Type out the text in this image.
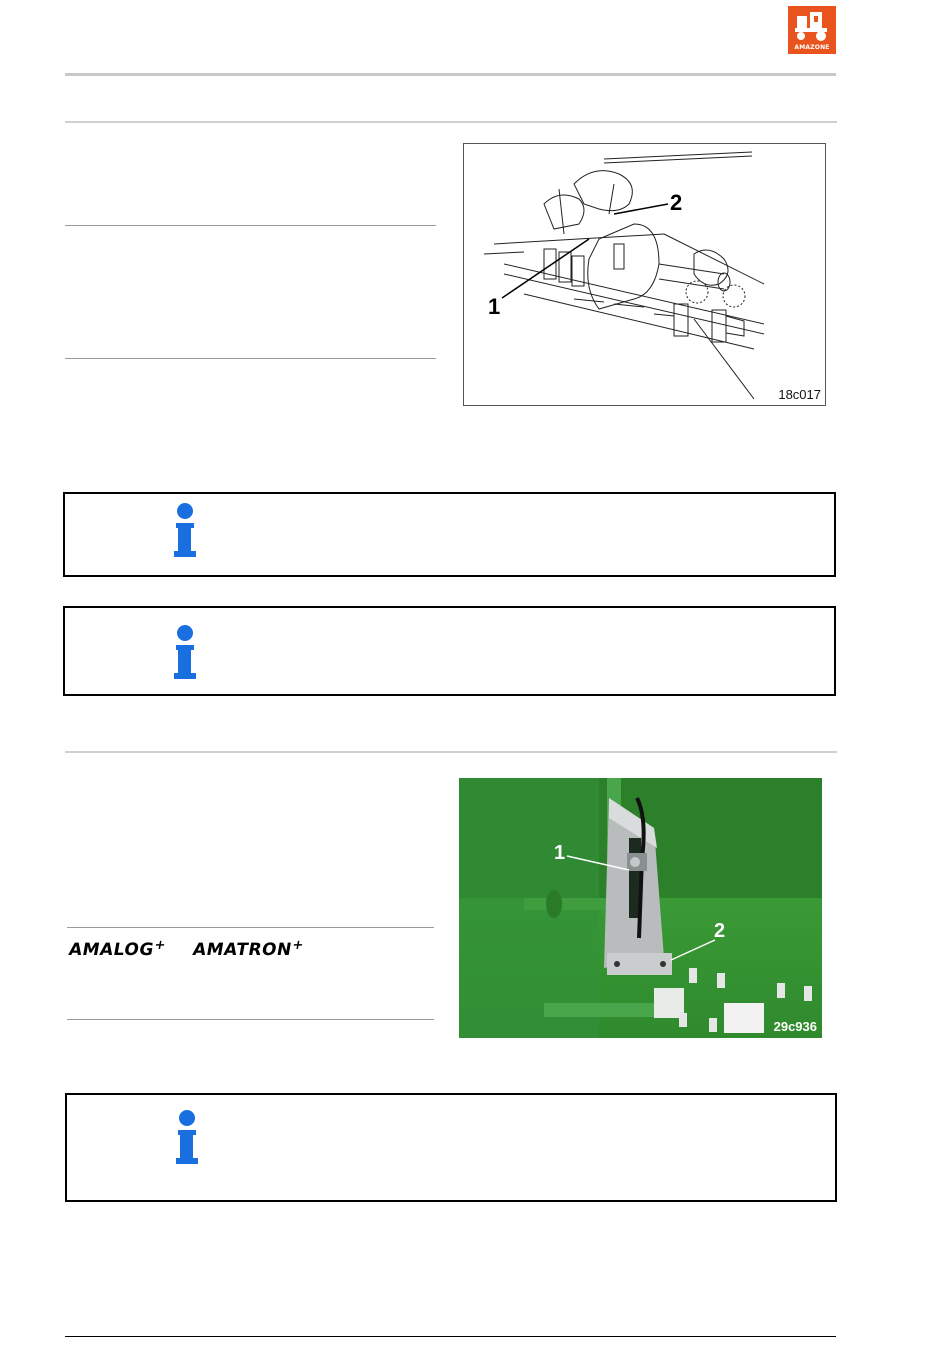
AMAZONE
2
1
18c017
AMALOG+ AMATRON+
1
2
29c936
